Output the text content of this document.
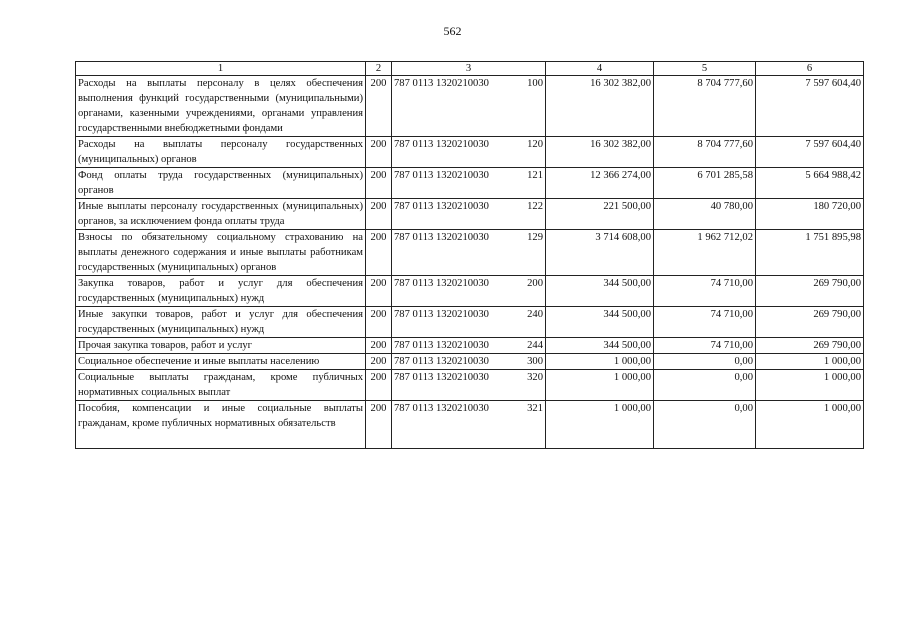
562
1	2	3	4	5	6
Расходы на выплаты персоналу в целях обеспечения выполнения функций государственными (муниципальными) органами, казенными учреждениями, органами управления государственными внебюджетными фондами	200	787 0113 1320210030 100	16 302 382,00	8 704 777,60	7 597 604,40
Расходы на выплаты персоналу государственных (муниципальных) органов	200	787 0113 1320210030 120	16 302 382,00	8 704 777,60	7 597 604,40
Фонд оплаты труда государственных (муниципальных) органов	200	787 0113 1320210030 121	12 366 274,00	6 701 285,58	5 664 988,42
Иные выплаты персоналу государственных (муниципальных) органов, за исключением фонда оплаты труда	200	787 0113 1320210030 122	221 500,00	40 780,00	180 720,00
Взносы по обязательному социальному страхованию на выплаты денежного содержания и иные выплаты работникам государственных (муниципальных) органов	200	787 0113 1320210030 129	3 714 608,00	1 962 712,02	1 751 895,98
Закупка товаров, работ и услуг для обеспечения государственных (муниципальных) нужд	200	787 0113 1320210030 200	344 500,00	74 710,00	269 790,00
Иные закупки товаров, работ и услуг для обеспечения государственных (муниципальных) нужд	200	787 0113 1320210030 240	344 500,00	74 710,00	269 790,00
Прочая закупка товаров, работ и услуг	200	787 0113 1320210030 244	344 500,00	74 710,00	269 790,00
Социальное обеспечение и иные выплаты населению	200	787 0113 1320210030 300	1 000,00	0,00	1 000,00
Социальные выплаты гражданам, кроме публичных нормативных социальных выплат	200	787 0113 1320210030 320	1 000,00	0,00	1 000,00
Пособия, компенсации и иные социальные выплаты гражданам, кроме публичных нормативных обязательств	200	787 0113 1320210030 321	1 000,00	0,00	1 000,00
